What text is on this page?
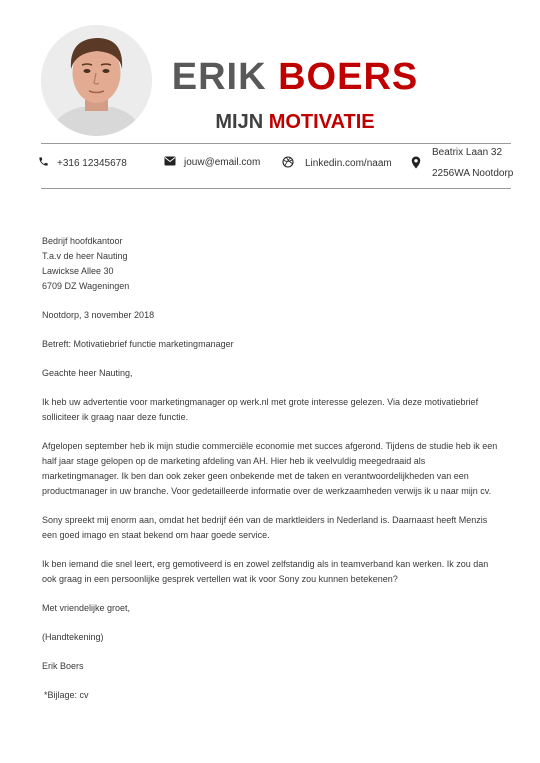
ERIK BOERS
MIJN MOTIVATIE
+316 12345678	jouw@email.com	Linkedin.com/naam
Beatrix Laan 32
2256WA Nootdorp

Bedrijf hoofdkantoor
T.a.v de heer Nauting
Lawickse Allee 30
6709 DZ Wageningen

Nootdorp, 3 november 2018

Betreft: Motivatiebrief functie marketingmanager

Geachte heer Nauting,

Ik heb uw advertentie voor marketingmanager op werk.nl met grote interesse gelezen. Via deze motivatiebrief solliciteer ik graag naar deze functie.

Afgelopen september heb ik mijn studie commerciële economie met succes afgerond. Tijdens de studie heb ik een half jaar stage gelopen op de marketing afdeling van AH. Hier heb ik veelvuldig meegedraaid als marketingmanager. Ik ben dan ook zeker geen onbekende met de taken en verantwoordelijkheden van een productmanager in uw branche. Voor gedetailleerde informatie over de werkzaamheden verwijs ik u naar mijn cv.

Sony spreekt mij enorm aan, omdat het bedrijf één van de marktleiders in Nederland is. Daarnaast heeft Menzis een goed imago en staat bekend om haar goede service.

Ik ben iemand die snel leert, erg gemotiveerd is en zowel zelfstandig als in teamverband kan werken. Ik zou dan ook graag in een persoonlijke gesprek vertellen wat ik voor Sony zou kunnen betekenen?

Met vriendelijke groet,

(Handtekening)

Erik Boers

*Bijlage: cv
